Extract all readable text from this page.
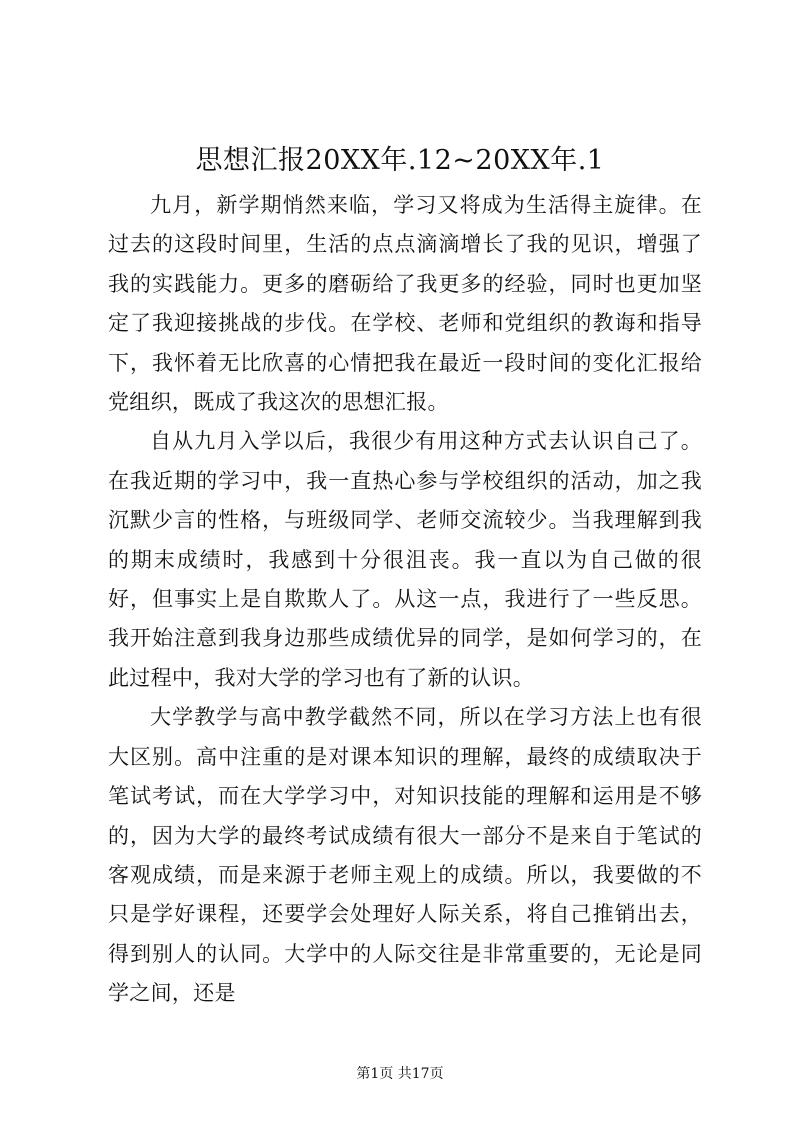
思想汇报20XX年.12~20XX年.1

九月，新学期悄然来临，学习又将成为生活得主旋律。在过去的这段时间里，生活的点点滴滴增长了我的见识，增强了我的实践能力。更多的磨砺给了我更多的经验，同时也更加坚定了我迎接挑战的步伐。在学校、老师和党组织的教诲和指导下，我怀着无比欣喜的心情把我在最近一段时间的变化汇报给党组织，既成了我这次的思想汇报。

自从九月入学以后，我很少有用这种方式去认识自己了。在我近期的学习中，我一直热心参与学校组织的活动，加之我沉默少言的性格，与班级同学、老师交流较少。当我理解到我的期末成绩时，我感到十分很沮丧。我一直以为自己做的很好，但事实上是自欺欺人了。从这一点，我进行了一些反思。我开始注意到我身边那些成绩优异的同学，是如何学习的，在此过程中，我对大学的学习也有了新的认识。

大学教学与高中教学截然不同，所以在学习方法上也有很大区别。高中注重的是对课本知识的理解，最终的成绩取决于笔试考试，而在大学学习中，对知识技能的理解和运用是不够的，因为大学的最终考试成绩有很大一部分不是来自于笔试的客观成绩，而是来源于老师主观上的成绩。所以，我要做的不只是学好课程，还要学会处理好人际关系，将自己推销出去，得到别人的认同。大学中的人际交往是非常重要的，无论是同学之间，还是

第1页 共17页
